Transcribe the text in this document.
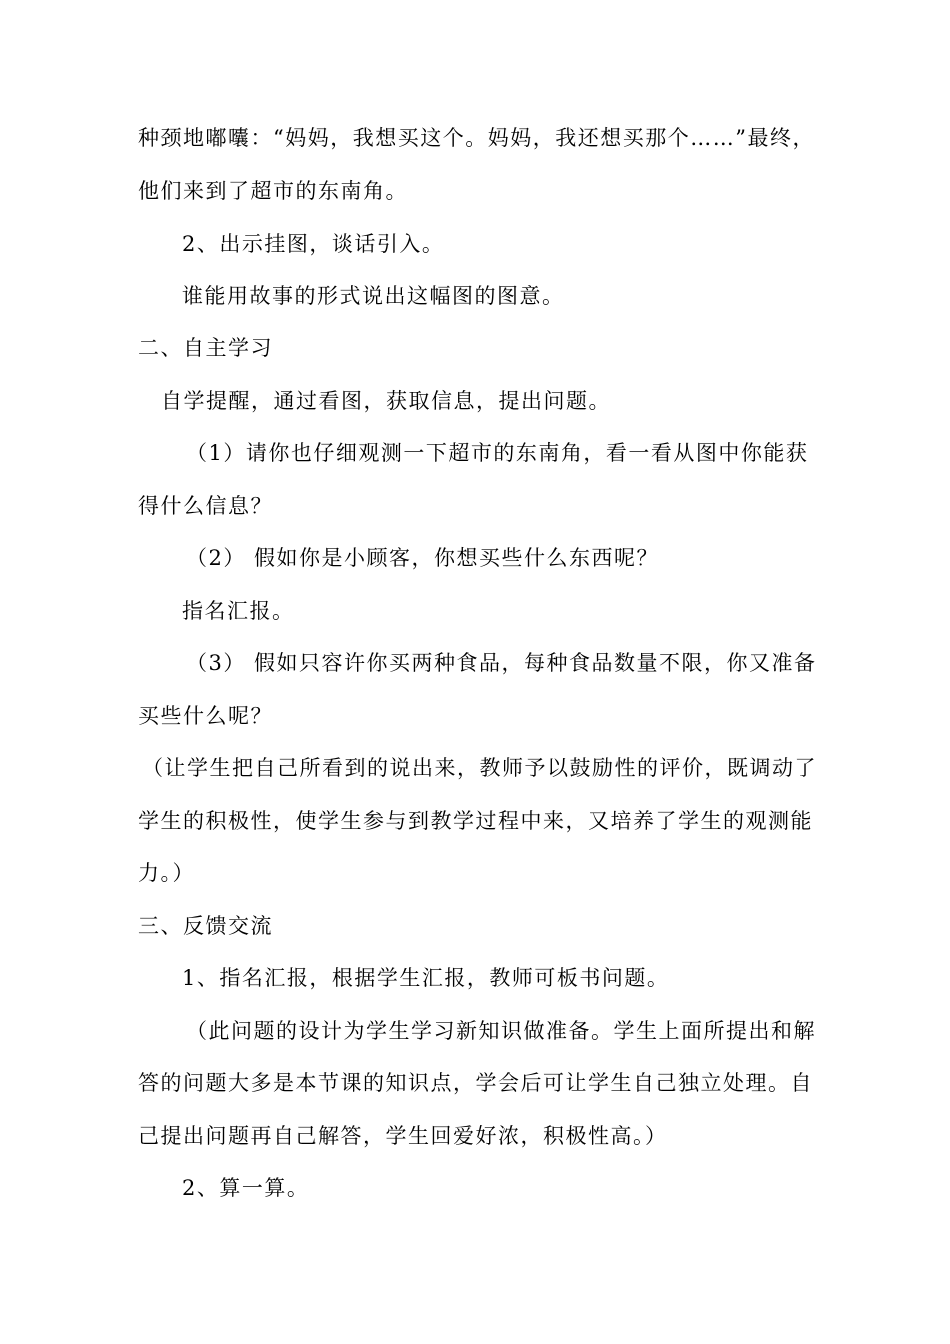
种颈地嘟囔：“妈妈，我想买这个。妈妈，我还想买那个……”最终，
他们来到了超市的东南角。
2、出示挂图，谈话引入。
谁能用故事的形式说出这幅图的图意。
二、自主学习
自学提醒，通过看图，获取信息，提出问题。
（1）请你也仔细观测一下超市的东南角，看一看从图中你能获
得什么信息？
（2） 假如你是小顾客，你想买些什么东西呢？
指名汇报。
（3） 假如只容许你买两种食品，每种食品数量不限，你又准备
买些什么呢？
（让学生把自己所看到的说出来，教师予以鼓励性的评价，既调动了
学生的积极性，使学生参与到教学过程中来，又培养了学生的观测能
力。）
三、反馈交流
1、指名汇报，根据学生汇报，教师可板书问题。
（此问题的设计为学生学习新知识做准备。学生上面所提出和解
答的问题大多是本节课的知识点，学会后可让学生自己独立处理。自
己提出问题再自己解答，学生回爱好浓，积极性高。）
2、算一算。
